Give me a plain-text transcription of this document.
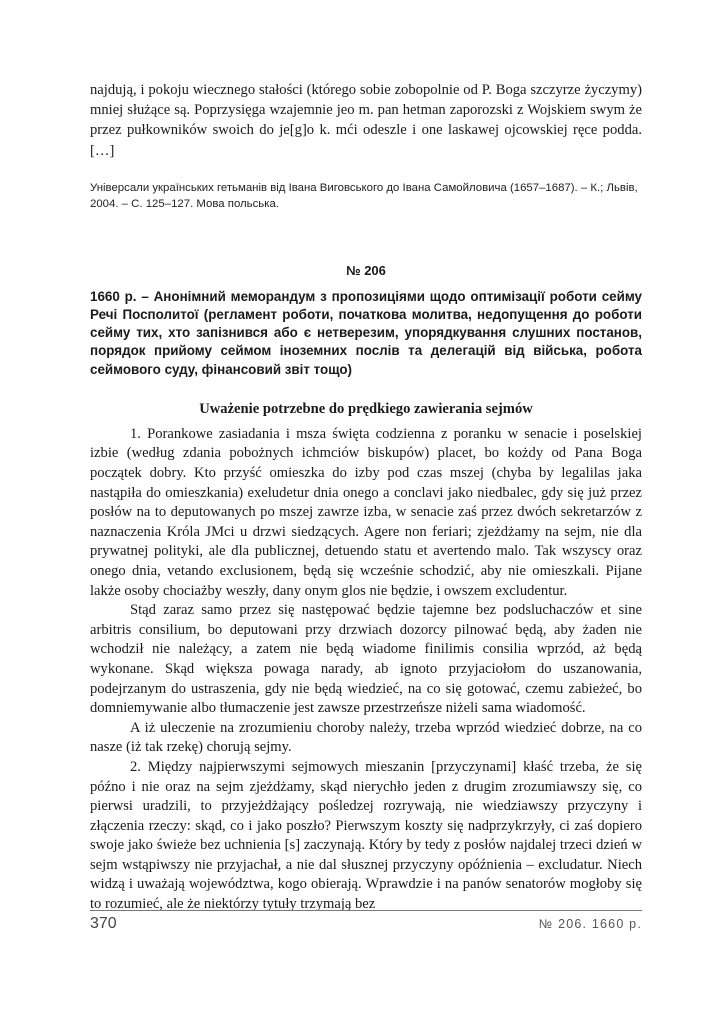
najdują, i pokoju wiecznego stałości (którego sobie zobopolnie od P. Boga szczyrze życzymy) mniej służące są. Poprzysięga wzajemnie jeo m. pan hetman zaporozski z Wojskiem swym że przez pułkowników swoich do je[g]o k. mći odeszle i one laskawej ojcowskiej ręce podda. […]

Універсали українських гетьманів від Івана Виговського до Івана Самойловича (1657–1687). – К.; Львів, 2004. – С. 125–127. Мова польська.

№ 206

1660 р. – Анонімний меморандум з пропозиціями щодо оптимізації роботи сейму Речі Посполитої (регламент роботи, початкова молитва, недопущення до роботи сейму тих, хто запізнився або є нетверезим, упорядкування слушних постанов, порядок прийому сеймом іноземних послів та делегацій від війська, робота сеймового суду, фінансовий звіт тощо)

Uważenie potrzebne do prędkiego zawierania sejmów

1. Porankowe zasiadania i msza święta codzienna z poranku w senacie i poselskiej izbie (według zdania pobożnych ichmciów biskupów) placet, bo kożdy od Pana Boga początek dobry. Kto przyść omieszka do izby pod czas mszej (chyba by legalilas jaka nastąpiła do omieszkania) exeludetur dnia onego a conclavi jako niedbalec, gdy się już przez posłów na to deputowanych po mszej zawrze izba, w senacie zaś przez dwóch sekretarzów z naznaczenia Króla JMci u drzwi siedzących. Agere non feriari; zjeżdżamy na sejm, nie dla prywatnej polityki, ale dla publicznej, detuendo statu et avertendo malo. Tak wszyscy oraz onego dnia, vetando exclusionem, będą się wcześnie schodzić, aby nie omieszkali. Pijane lakże osoby chociażby weszły, dany onym glos nie będzie, i owszem excludentur.

Stąd zaraz samo przez się następować będzie tajemne bez podsluchaczów et sine arbitris consilium, bo deputowani przy drzwiach dozorcy pilnować będą, aby żaden nie wchodził nie należący, a zatem nie będą wiadome finilimis consilia wprzód, aż będą wykonane. Skąd większa powaga narady, ab ignoto przyjaciołom do uszanowania, podejrzanym do ustraszenia, gdy nie będą wiedzieć, na co się gotować, czemu zabieżeć, bo domniemywanie albo tłumaczenie jest zawsze przestrzeńsze niżeli sama wiadomość.

A iż uleczenie na zrozumieniu choroby należy, trzeba wprzód wiedzieć dobrze, na co nasze (iż tak rzekę) chorują sejmy.

2. Między najpierwszymi sejmowych mieszanin [przyczynami] kłaść trzeba, że się późno i nie oraz na sejm zjeżdżamy, skąd nierychło jeden z drugim zrozumiawszy się, co pierwsi uradzili, to przyjeżdżający pośledzej rozrywają, nie wiedziawszy przyczyny i złączenia rzeczy: skąd, co i jako poszło? Pierwszym koszty się nadprzykrzyły, ci zaś dopiero swoje jako świeże bez uchnienia [s] zaczynają. Który by tedy z posłów najdalej trzeci dzień w sejm wstąpiwszy nie przyjachał, a nie dal słusznej przyczyny opóźnienia – excludatur. Niech widzą i uważają województwa, kogo obierają. Wprawdzie i na panów senatorów mogłoby się to rozumieć, ale że niektórzy tytuły trzymają bez

370	№ 206. 1660 р.
